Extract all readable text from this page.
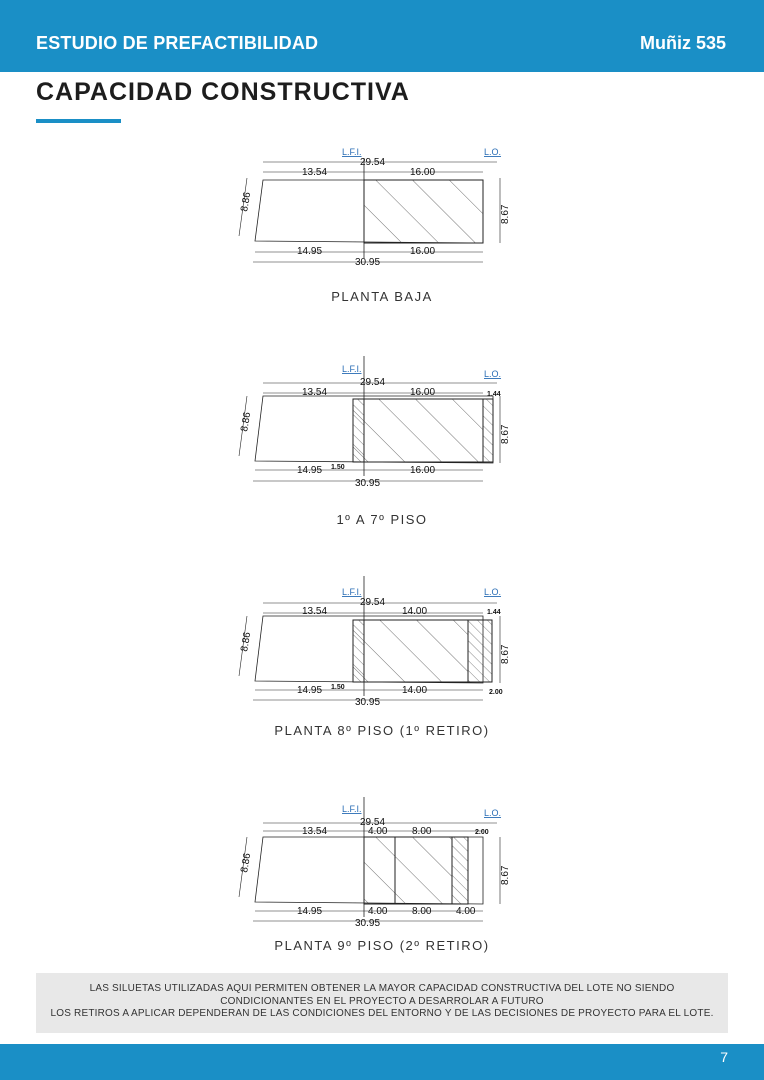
ESTUDIO DE PREFACTIBILIDAD	Muñiz 535
CAPACIDAD CONSTRUCTIVA
L.F.I.	L.O.
29.54
13.54	16.00
8.86
8.67
14.95	16.00
30.95
PLANTA BAJA
L.F.I.	L.O.
29.54
13.54	16.00	1.44
8.86
8.67
14.95 1.50	16.00
30.95
1º A 7º PISO
L.F.I.	L.O.
29.54
13.54	14.00	1.44
8.86
8.67
14.95 1.50	14.00	2.00
30.95
PLANTA 8º PISO (1º RETIRO)
L.F.I.	L.O.
29.54
13.54	4.00 8.00	2.00
8.86
8.67
14.95	4.00 8.00 4.00
30.95
PLANTA 9º PISO (2º RETIRO)
LAS SILUETAS UTILIZADAS AQUI PERMITEN OBTENER LA MAYOR CAPACIDAD CONSTRUCTIVA DEL LOTE NO SIENDO
CONDICIONANTES EN EL PROYECTO A DESARROLAR A FUTURO
LOS RETIROS A APLICAR DEPENDERAN DE LAS CONDICIONES DEL ENTORNO Y DE LAS DECISIONES DE PROYECTO PARA EL LOTE.
7
